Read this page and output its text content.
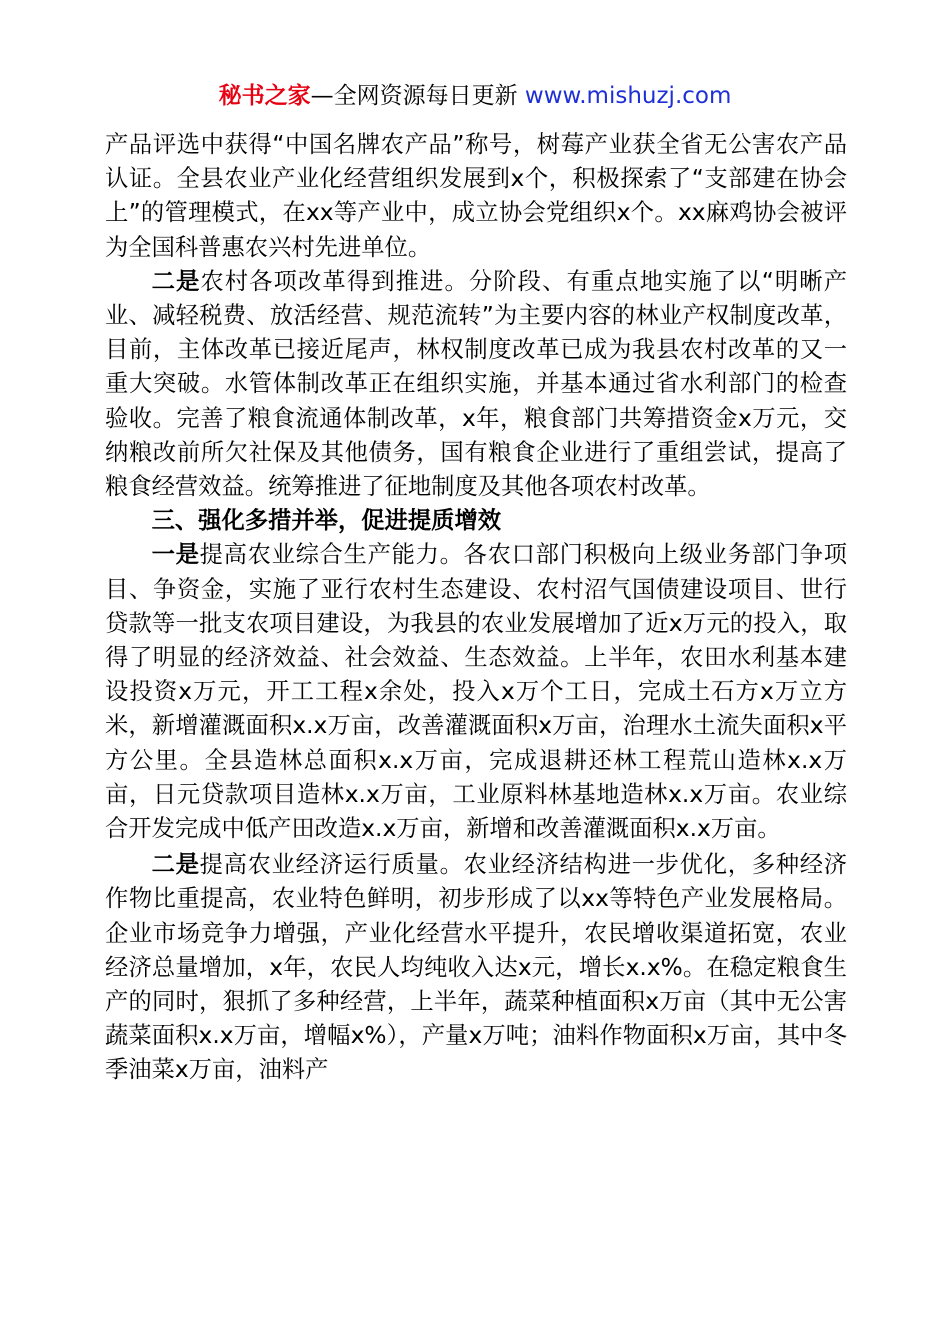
秘书之家—全网资源每日更新 www.mishuzj.com

产品评选中获得“中国名牌农产品”称号，树莓产业获全省无公害农产品认证。全县农业产业化经营组织发展到x个，积极探索了“支部建在协会上”的管理模式，在xx等产业中，成立协会党组织x个。xx麻鸡协会被评为全国科普惠农兴村先进单位。

二是农村各项改革得到推进。分阶段、有重点地实施了以“明晰产业、减轻税费、放活经营、规范流转”为主要内容的林业产权制度改革，目前，主体改革已接近尾声，林权制度改革已成为我县农村改革的又一重大突破。水管体制改革正在组织实施，并基本通过省水利部门的检查验收。完善了粮食流通体制改革，x年，粮食部门共筹措资金x万元，交纳粮改前所欠社保及其他债务，国有粮食企业进行了重组尝试，提高了粮食经营效益。统筹推进了征地制度及其他各项农村改革。

三、强化多措并举，促进提质增效

一是提高农业综合生产能力。各农口部门积极向上级业务部门争项目、争资金，实施了亚行农村生态建设、农村沼气国债建设项目、世行贷款等一批支农项目建设，为我县的农业发展增加了近x万元的投入，取得了明显的经济效益、社会效益、生态效益。上半年，农田水利基本建设投资x万元，开工工程x余处，投入x万个工日，完成土石方x万立方米，新增灌溉面积x.x万亩，改善灌溉面积x万亩，治理水土流失面积x平方公里。全县造林总面积x.x万亩，完成退耕还林工程荒山造林x.x万亩，日元贷款项目造林x.x万亩，工业原料林基地造林x.x万亩。农业综合开发完成中低产田改造x.x万亩，新增和改善灌溉面积x.x万亩。

二是提高农业经济运行质量。农业经济结构进一步优化，多种经济作物比重提高，农业特色鲜明，初步形成了以xx等特色产业发展格局。企业市场竞争力增强，产业化经营水平提升，农民增收渠道拓宽，农业经济总量增加，x年，农民人均纯收入达x元，增长x.x%。在稳定粮食生产的同时，狠抓了多种经营，上半年，蔬菜种植面积x万亩（其中无公害蔬菜面积x.x万亩，增幅x%），产量x万吨；油料作物面积x万亩，其中冬季油菜x万亩，油料产
